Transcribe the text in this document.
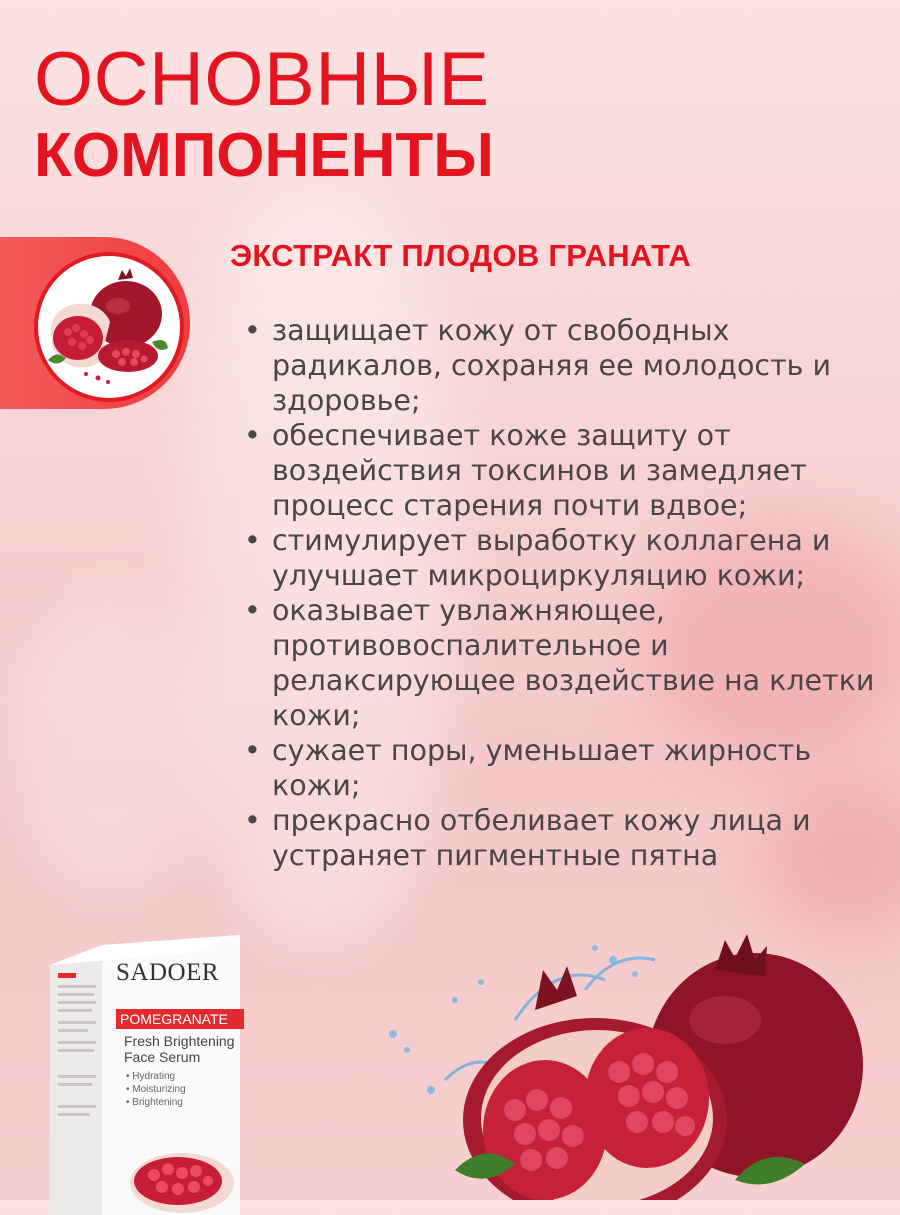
ОСНОВНЫЕ
КОМПОНЕНТЫ
ЭКСТРАКТ ПЛОДОВ ГРАНАТА
• защищает кожу от свободных радикалов, сохраняя ее молодость и здоровье;
• обеспечивает коже защиту от воздействия токсинов и замедляет процесс старения почти вдвое;
• стимулирует выработку коллагена и улучшает микроциркуляцию кожи;
• оказывает увлажняющее, противовоспалительное и релаксирующее воздействие на клетки кожи;
• сужает поры, уменьшает жирность кожи;
• прекрасно отбеливает кожу лица и устраняет пигментные пятна
SADOER
POMEGRANATE
Fresh Brightening
Face Serum
• Hydrating
• Moisturizing
• Brightening
